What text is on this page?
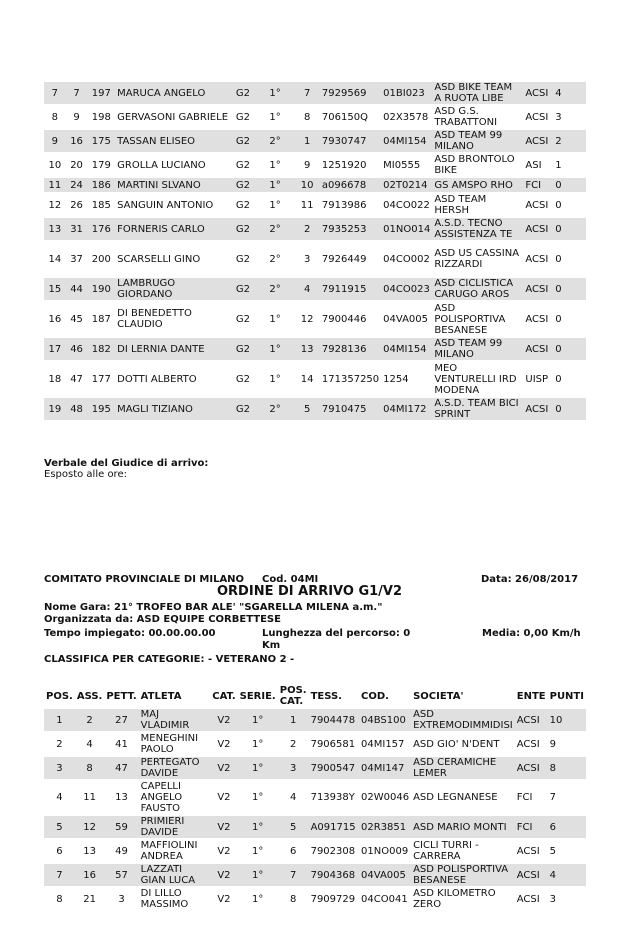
7	7	197	MARUCA ANGELO	G2	1°	7	7929569	01BI023	ASD BIKE TEAM A RUOTA LIBE	ACSI	4
8	9	198	GERVASONI GABRIELE	G2	1°	8	706150Q	02X3578	ASD G.S. TRABATTONI	ACSI	3
9	16	175	TASSAN ELISEO	G2	2°	1	7930747	04MI154	ASD TEAM 99 MILANO	ACSI	2
10	20	179	GROLLA LUCIANO	G2	1°	9	1251920	MI0555	ASD BRONTOLO BIKE	ASI	1
11	24	186	MARTINI SLVANO	G2	1°	10	a096678	02T0214	GS AMSPO RHO	FCI	0
12	26	185	SANGUIN ANTONIO	G2	1°	11	7913986	04CO022	ASD TEAM HERSH	ACSI	0
13	31	176	FORNERIS CARLO	G2	2°	2	7935253	01NO014	A.S.D. TECNO ASSISTENZA TE	ACSI	0
14	37	200	SCARSELLI GINO	G2	2°	3	7926449	04CO002	ASD US CASSINA RIZZARDI	ACSI	0
15	44	190	LAMBRUGO GIORDANO	G2	2°	4	7911915	04CO023	ASD CICLISTICA CARUGO AROS	ACSI	0
16	45	187	DI BENEDETTO CLAUDIO	G2	1°	12	7900446	04VA005	ASD POLISPORTIVA BESANESE	ACSI	0
17	46	182	DI LERNIA DANTE	G2	1°	13	7928136	04MI154	ASD TEAM 99 MILANO	ACSI	0
18	47	177	DOTTI ALBERTO	G2	1°	14	171357250	1254	MEO VENTURELLI IRD MODENA	UISP	0
19	48	195	MAGLI TIZIANO	G2	2°	5	7910475	04MI172	A.S.D. TEAM BICI SPRINT	ACSI	0
Verbale del Giudice di arrivo:
Esposto alle ore:
COMITATO PROVINCIALE DI MILANO Cod. 04MI	Data: 26/08/2017
ORDINE DI ARRIVO G1/V2
Nome Gara: 21° TROFEO BAR ALE' "SGARELLA MILENA a.m."
Organizzata da: ASD EQUIPE CORBETTESE
Tempo impiegato: 00.00.00.00	Lunghezza del percorso: 0
Km
Media: 0,00 Km/h
CLASSIFICA PER CATEGORIE: - VETERANO 2 -
POS.	ASS.	PETT.	ATLETA	CAT.	SERIE.	POS. CAT.	TESS.	COD.	SOCIETA'	ENTE	PUNTI
1	2	27	MAJ VLADIMIR	V2	1°	1	7904478	04BS100	ASD EXTREMODIMMIDISI	ACSI	10
2	4	41	MENEGHINI PAOLO	V2	1°	2	7906581	04MI157	ASD GIO' N'DENT	ACSI	9
3	8	47	PERTEGATO DAVIDE	V2	1°	3	7900547	04MI147	ASD CERAMICHE LEMER	ACSI	8
4	11	13	CAPELLI ANGELO FAUSTO	V2	1°	4	713938Y	02W0046	ASD LEGNANESE	FCI	7
5	12	59	PRIMIERI DAVIDE	V2	1°	5	A091715	02R3851	ASD MARIO MONTI	FCI	6
6	13	49	MAFFIOLINI ANDREA	V2	1°	6	7902308	01NO009	CICLI TURRI - CARRERA	ACSI	5
7	16	57	LAZZATI GIAN LUCA	V2	1°	7	7904368	04VA005	ASD POLISPORTIVA BESANESE	ACSI	4
8	21	3	DI LILLO MASSIMO	V2	1°	8	7909729	04CO041	ASD KILOMETRO ZERO	ACSI	3
